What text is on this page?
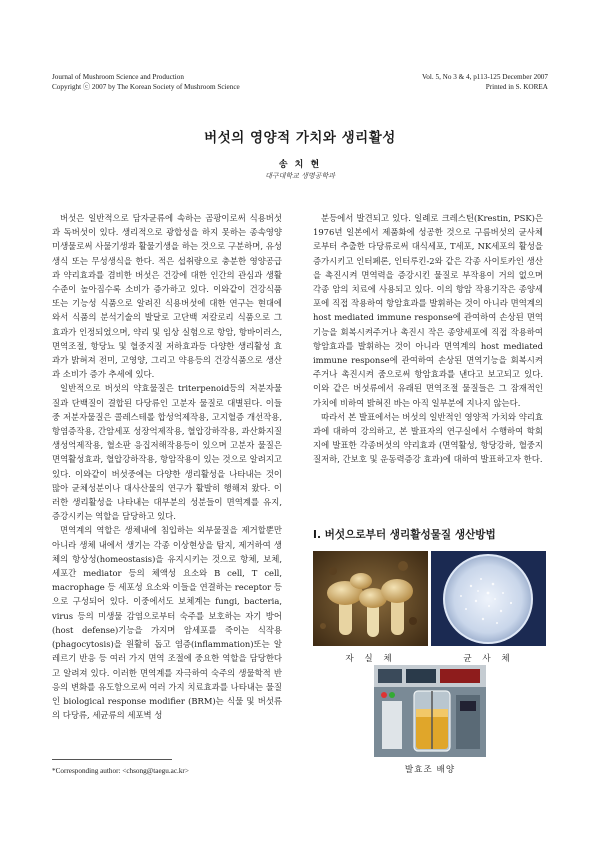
Journal of Mushroom Science and Production
Copyright ⓒ 2007 by The Korean Society of Mushroom Science
Vol. 5, No 3 & 4, p113-125 December 2007
Printed in S. KOREA
버섯의 영양적 가치와 생리활성
송 치 현
대구대학교 생명공학과

버섯은 일반적으로 담자균류에 속하는 곰팡이로써 식용버섯과 독버섯이 있다. 생리적으로 광합성을 하지 못하는 종속영양 미생물로써 사물기생과 활물기생을 하는 것으로 구분하며, 유성생식 또는 무성생식을 한다. 적은 섭취량으로 충분한 영양공급과 약리효과를 겸비한 버섯은 건강에 대한 인간의 관심과 생활수준이 높아짐수록 소비가 증가하고 있다. 이와같이 건강식품 또는 기능성 식품으로 알려진 식용버섯에 대한 연구는 현대에 와서 식품의 분석기술의 발달로 고단백 저칼로리 식품으로 그 효과가 인정되었으며, 약리 및 임상 실험으로 항암, 항바이러스, 면역조절, 항당뇨 및 혈중지질 저하효과등 다양한 생리활성 효과가 밝혀져 전미, 고영양, 그리고 약용등의 건강식품으로 생산과 소비가 증가 추세에 있다.

일반적으로 버섯의 약효물질은 triterpenoid등의 저분자물질과 단백질이 결합된 다당류인 고분자 물질로 대별된다. 이들 중 저분자물질은 콜레스테롤 합성억제작용, 고지혈증 개선작용, 항염증작용, 간암세포 성장억제작용, 혈압강하작용, 과산화지질 생성억제작용, 혈소판 응집저해작용등이 있으며 고분자 물질은 면역활성효과, 혈압강하작용, 항암작용이 있는 것으로 알려지고 있다. 이와같이 버섯중에는 다양한 생리활성을 나타내는 것이 많아 균체성분이나 대사산물의 연구가 활발히 행해져 왔다. 이러한 생리활성을 나타내는 대부분의 성분들이 면역계를 유지, 증강시키는 역할을 담당하고 있다.

면역계의 역할은 생체내에 침입하는 외부물질을 제거할뿐만 아니라 생체 내에서 생기는 각종 이상현상을 탐지, 제거하여 생체의 항상성(homeostasis)을 유지시키는 것으로 항체, 보체, 세포간 mediator 등의 체액성 요소와 B cell, T cell, macrophage 등 세포성 요소와 이들을 연결하는 receptor 등으로 구성되어 있다. 이중에서도 보체계는 fungi, bacteria, virus 등의 미생물 감염으로부터 숙주를 보호하는 자기 방어(host defense)기능을 가지며 암세포를 죽이는 식작용(phagocytosis)을 원활히 돕고 염증(inflammation)또는 알레르기 반응 등 여러 가지 면역 조절에 중요한 역할을 담당한다고 알려져 있다. 이러한 면역계를 자극하여 숙주의 생물학적 반응의 변화를 유도함으로써 여러 가지 치료효과를 나타내는 물질인 biological response modifier (BRM)는 식물 및 버섯류의 다당류, 세균류의 세포벽 성

분등에서 발견되고 있다. 일례로 크레스틴(Krestin, PSK)은 1976년 일본에서 제품화에 성공한 것으로 구름버섯의 균사체로부터 추출한 다당류로써 대식세포, T세포, NK세포의 활성을 증가시키고 인터페론, 인터루킨-2와 같은 각종 사이토카인 생산을 촉진시켜 면역력을 증강시킨 물질로 부작용이 거의 없으며 각종 암의 치료에 사용되고 있다. 이의 항암 작용기작은 종양세포에 직접 작용하여 항암효과를 발휘하는 것이 아니라 면역계의 host mediated immune response에 관여하여 손상된 면역기능을 회복시켜주거나 촉진시 작은 종양세포에 직접 작용하여 항암효과를 발휘하는 것이 아니라 면역계의 host mediated immune response에 관여하여 손상된 면역기능을 회복시켜 주거나 촉진시켜 줌으로써 항암효과를 낸다고 보고되고 있다. 이와 같은 버섯류에서 유래된 면역조절 물질들은 그 잠재적인 가치에 비하여 밝혀진 바는 아직 일부분에 지나지 않는다.

따라서 본 발표에서는 버섯의 일반적인 영양적 가치와 약리효과에 대하여 강의하고, 본 발표자의 연구실에서 수행하여 학회지에 발표한 각종버섯의 약리효과 (면역활성, 항당강하, 혈중지질저하, 간보호 및 운동력증강 효과)에 대하여 발표하고자 한다.

I. 버섯으로부터 생리활성물질 생산방법
자 실 체	균 사 체
발효조 배양
*Corresponding author: <chsong@taegu.ac.kr>
